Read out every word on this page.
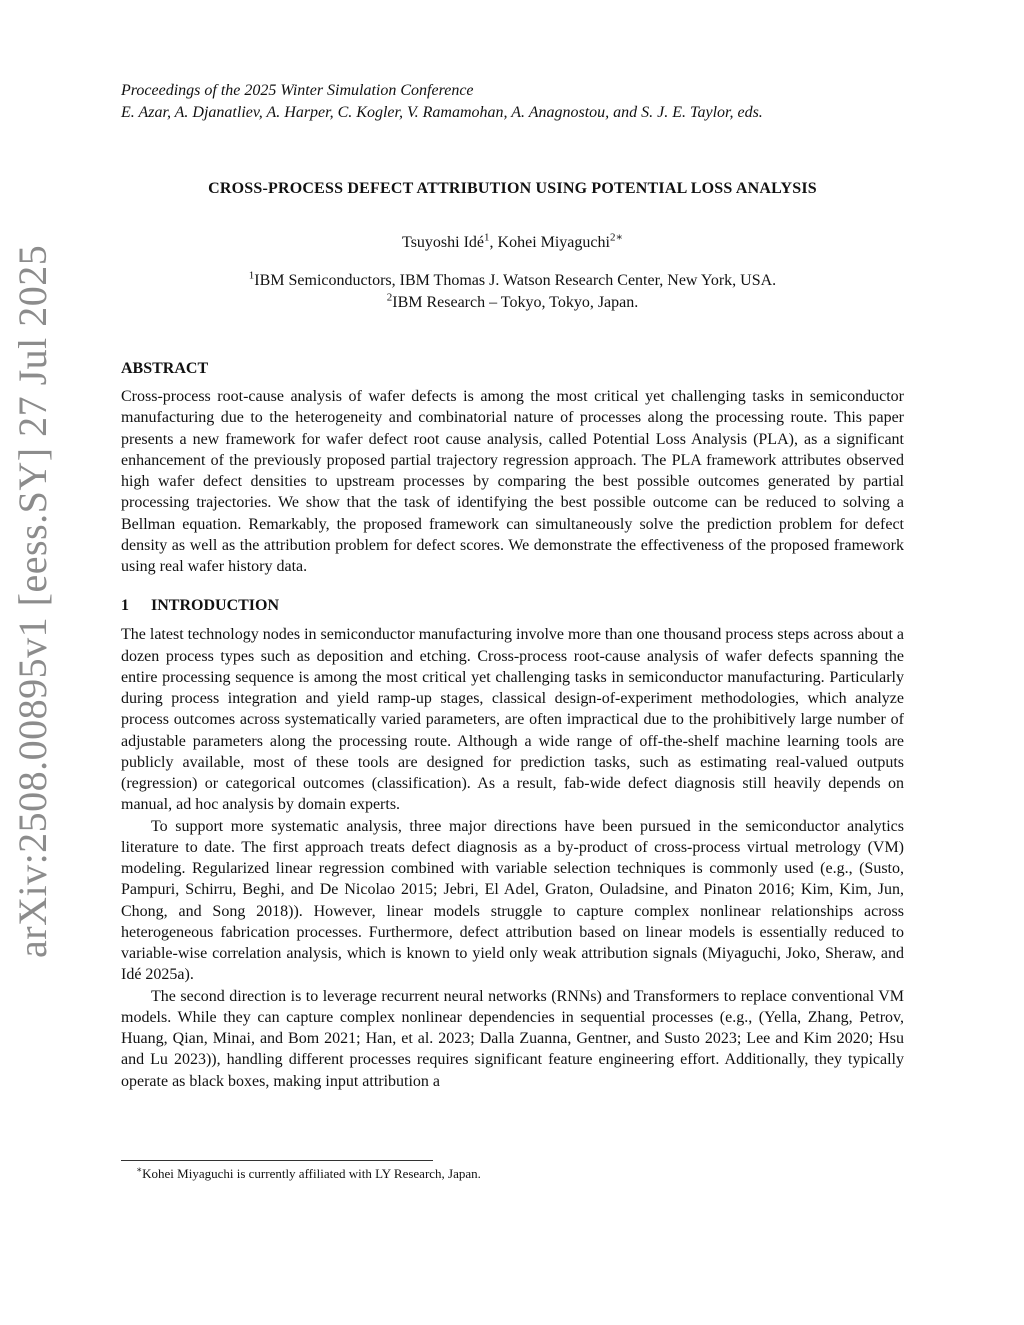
arXiv:2508.00895v1 [eess.SY] 27 Jul 2025
Proceedings of the 2025 Winter Simulation Conference
E. Azar, A. Djanatliev, A. Harper, C. Kogler, V. Ramamohan, A. Anagnostou, and S. J. E. Taylor, eds.
CROSS-PROCESS DEFECT ATTRIBUTION USING POTENTIAL LOSS ANALYSIS
Tsuyoshi Idé$^1$, Kohei Miyaguchi$^{2∗}$
$^1$IBM Semiconductors, IBM Thomas J. Watson Research Center, New York, USA.
$^2$IBM Research – Tokyo, Tokyo, Japan.
ABSTRACT

Cross-process root-cause analysis of wafer defects is among the most critical yet challenging tasks in semiconductor manufacturing due to the heterogeneity and combinatorial nature of processes along the processing route. This paper presents a new framework for wafer defect root cause analysis, called Potential Loss Analysis (PLA), as a significant enhancement of the previously proposed partial trajectory regression approach. The PLA framework attributes observed high wafer defect densities to upstream processes by comparing the best possible outcomes generated by partial processing trajectories. We show that the task of identifying the best possible outcome can be reduced to solving a Bellman equation. Remarkably, the proposed framework can simultaneously solve the prediction problem for defect density as well as the attribution problem for defect scores. We demonstrate the effectiveness of the proposed framework using real wafer history data.

1	INTRODUCTION

The latest technology nodes in semiconductor manufacturing involve more than one thousand process steps across about a dozen process types such as deposition and etching. Cross-process root-cause analysis of wafer defects spanning the entire processing sequence is among the most critical yet challenging tasks in semiconductor manufacturing. Particularly during process integration and yield ramp-up stages, classical design-of-experiment methodologies, which analyze process outcomes across systematically varied parameters, are often impractical due to the prohibitively large number of adjustable parameters along the processing route. Although a wide range of off-the-shelf machine learning tools are publicly available, most of these tools are designed for prediction tasks, such as estimating real-valued outputs (regression) or categorical outcomes (classification). As a result, fab-wide defect diagnosis still heavily depends on manual, ad hoc analysis by domain experts.

To support more systematic analysis, three major directions have been pursued in the semiconductor analytics literature to date. The first approach treats defect diagnosis as a by-product of cross-process virtual metrology (VM) modeling. Regularized linear regression combined with variable selection techniques is commonly used (e.g., (Susto, Pampuri, Schirru, Beghi, and De Nicolao 2015; Jebri, El Adel, Graton, Ouladsine, and Pinaton 2016; Kim, Kim, Jun, Chong, and Song 2018)). However, linear models struggle to capture complex nonlinear relationships across heterogeneous fabrication processes. Furthermore, defect attribution based on linear models is essentially reduced to variable-wise correlation analysis, which is known to yield only weak attribution signals (Miyaguchi, Joko, Sheraw, and Idé 2025a).

The second direction is to leverage recurrent neural networks (RNNs) and Transformers to replace conventional VM models. While they can capture complex nonlinear dependencies in sequential processes (e.g., (Yella, Zhang, Petrov, Huang, Qian, Minai, and Bom 2021; Han, et al. 2023; Dalla Zuanna, Gentner, and Susto 2023; Lee and Kim 2020; Hsu and Lu 2023)), handling different processes requires significant feature engineering effort. Additionally, they typically operate as black boxes, making input attribution a

∗Kohei Miyaguchi is currently affiliated with LY Research, Japan.
